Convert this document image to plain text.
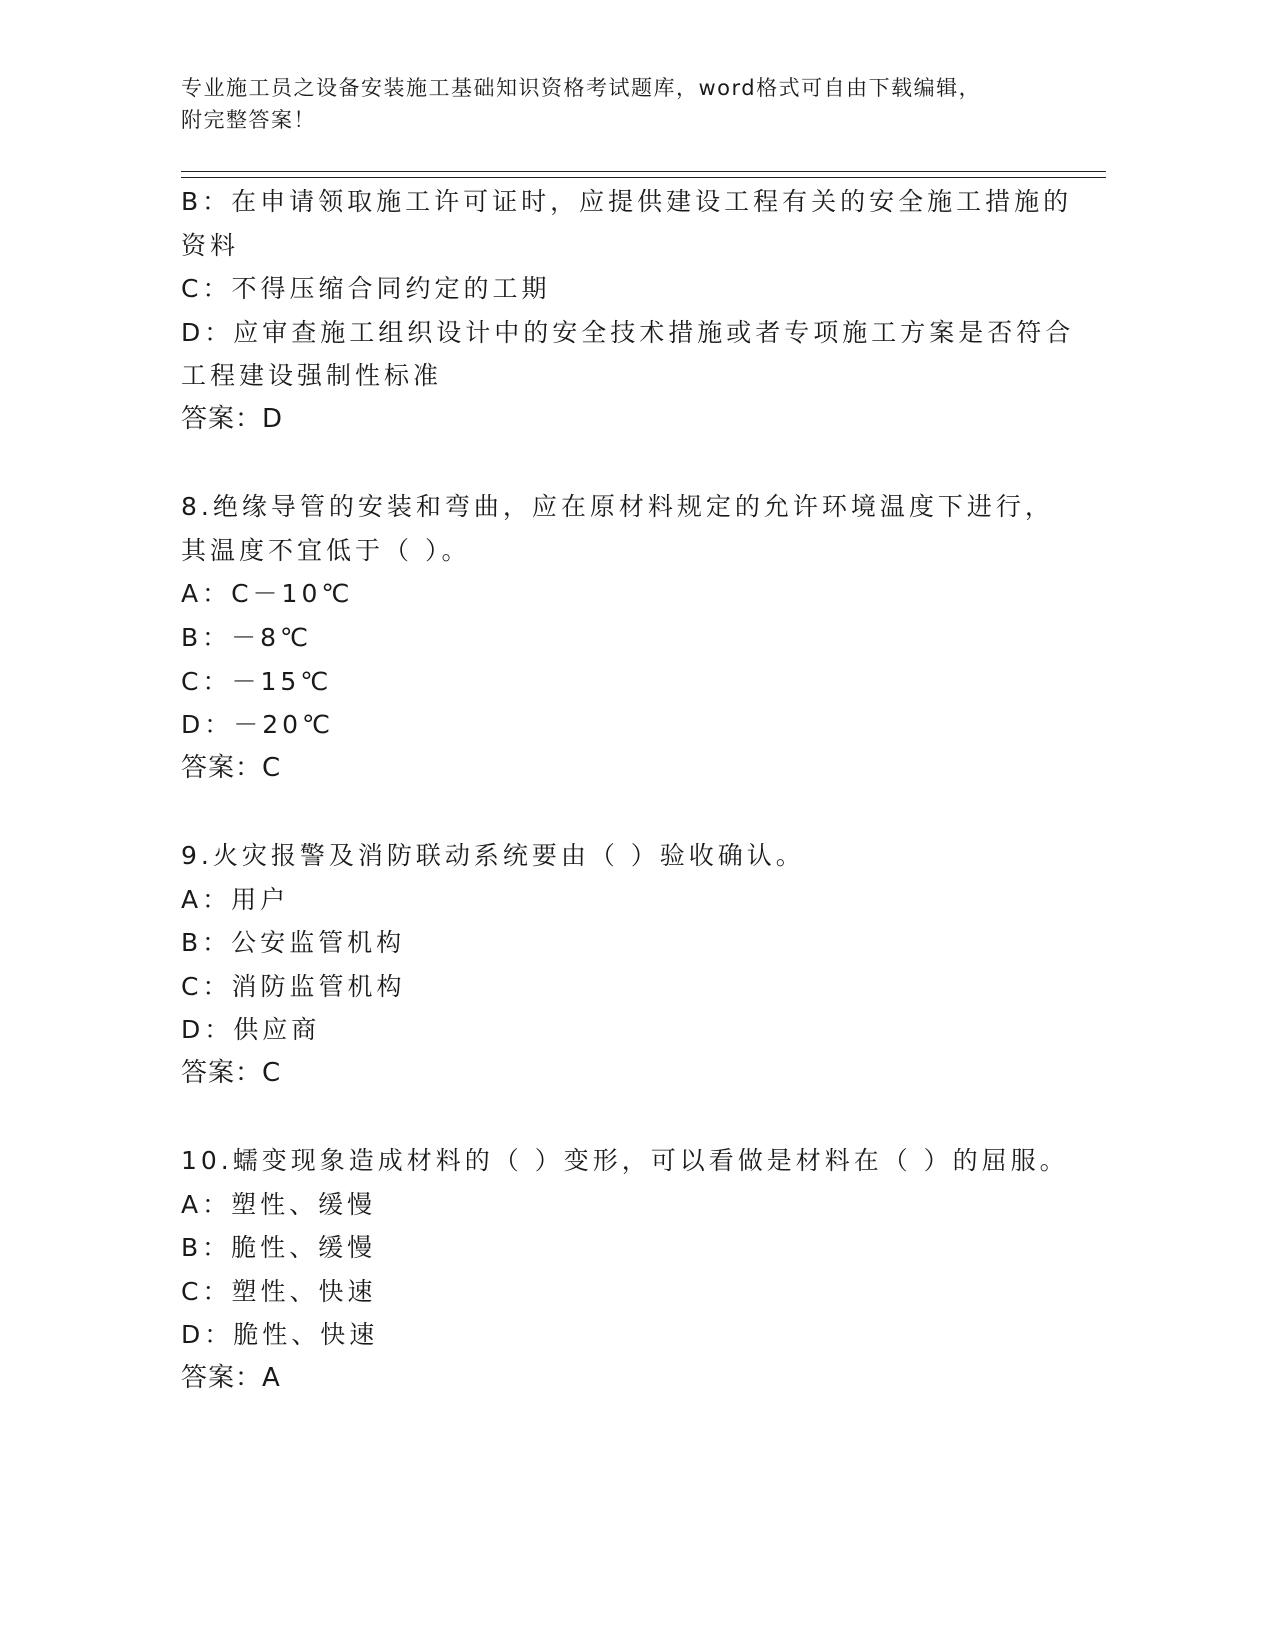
专业施工员之设备安装施工基础知识资格考试题库，word格式可自由下载编辑，
附完整答案！
B：在申请领取施工许可证时，应提供建设工程有关的安全施工措施的
资料
C：不得压缩合同约定的工期
D：应审查施工组织设计中的安全技术措施或者专项施工方案是否符合
工程建设强制性标准
答案：D
8.绝缘导管的安装和弯曲，应在原材料规定的允许环境温度下进行，
其温度不宜低于（ ）。
A：C－10℃
B：－8℃
C：－15℃
D：－20℃
答案：C
9.火灾报警及消防联动系统要由（ ）验收确认。
A：用户
B：公安监管机构
C：消防监管机构
D：供应商
答案：C
10.蠕变现象造成材料的（ ）变形，可以看做是材料在（ ）的屈服。
A：塑性、缓慢
B：脆性、缓慢
C：塑性、快速
D：脆性、快速
答案：A
